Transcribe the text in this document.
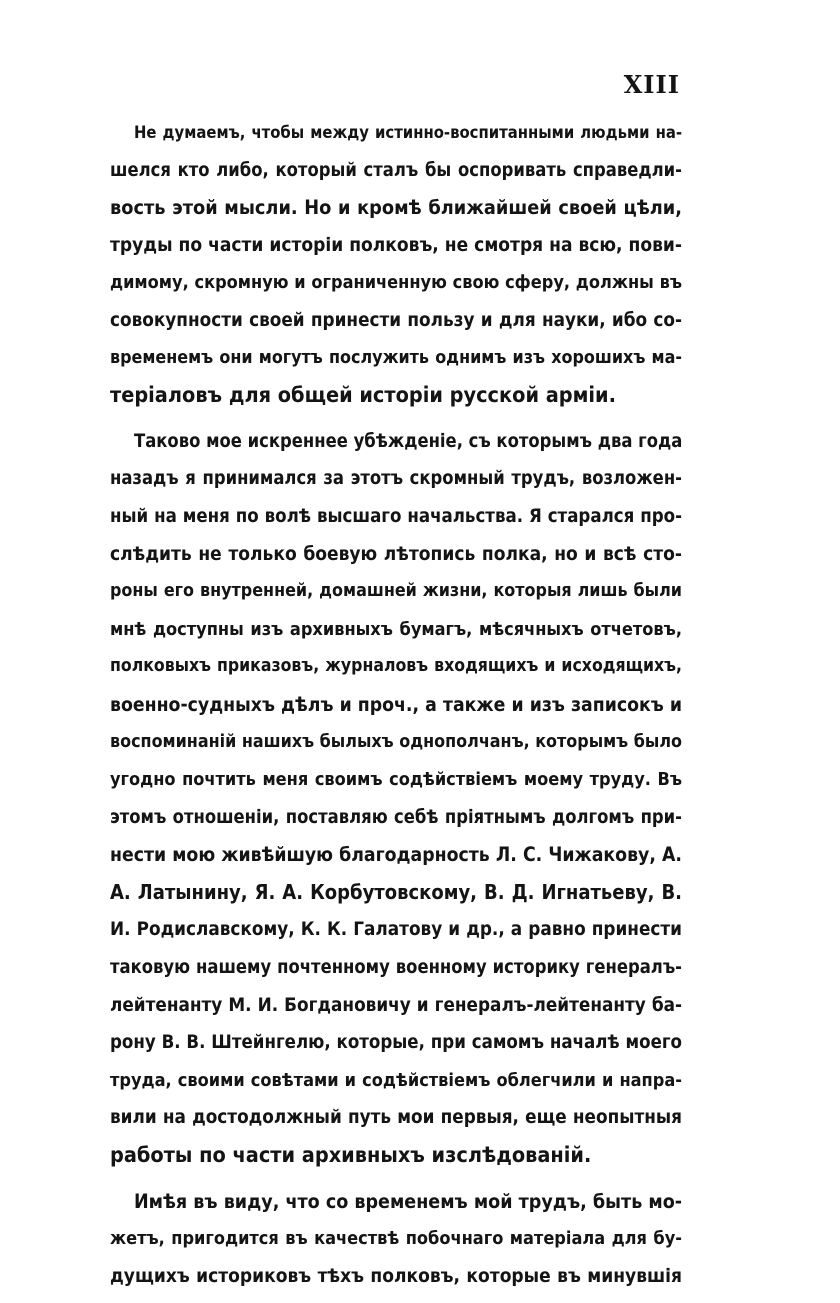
XIII
Не думаемъ, чтобы между истинно-воспитанными людьми на-
шелся кто либо, который сталъ бы оспоривать справедли-
вость этой мысли. Но и кромѣ ближайшей своей цѣли,
труды по части исторіи полковъ, не смотря на всю, пови-
димому, скромную и ограниченную свою сферу, должны въ
совокупности своей принести пользу и для науки, ибо со-
временемъ они могутъ послужить однимъ изъ хорошихъ ма-
теріаловъ для общей исторіи русской арміи.
Таково мое искреннее убѣжденіе, съ которымъ два года
назадъ я принимался за этотъ скромный трудъ, возложен-
ный на меня по волѣ высшаго начальства. Я старался про-
слѣдить не только боевую лѣтопись полка, но и всѣ сто-
роны его внутренней, домашней жизни, которыя лишь были
мнѣ доступны изъ архивныхъ бумагъ, мѣсячныхъ отчетовъ,
полковыхъ приказовъ, журналовъ входящихъ и исходящихъ,
военно-судныхъ дѣлъ и проч., а также и изъ записокъ и
воспоминаній нашихъ былыхъ однополчанъ, которымъ было
угодно почтить меня своимъ содѣйствіемъ моему труду. Въ
этомъ отношеніи, поставляю себѣ пріятнымъ долгомъ при-
нести мою живѣйшую благодарность Л. С. Чижакову, А.
А. Латынину, Я. А. Корбутовскому, В. Д. Игнатьеву, В.
И. Родиславскому, К. К. Галатову и др., а равно принести
таковую нашему почтенному военному историку генералъ-
лейтенанту М. И. Богдановичу и генералъ-лейтенанту ба-
рону В. В. Штейнгелю, которые, при самомъ началѣ моего
труда, своими совѣтами и содѣйствіемъ облегчили и напра-
вили на достодолжный путь мои первыя, еще неопытныя
работы по части архивныхъ изслѣдованій.
Имѣя въ виду, что со временемъ мой трудъ, быть мо-
жетъ, пригодится въ качествѣ побочнаго матеріала для бу-
дущихъ историковъ тѣхъ полковъ, которые въ минувшія
